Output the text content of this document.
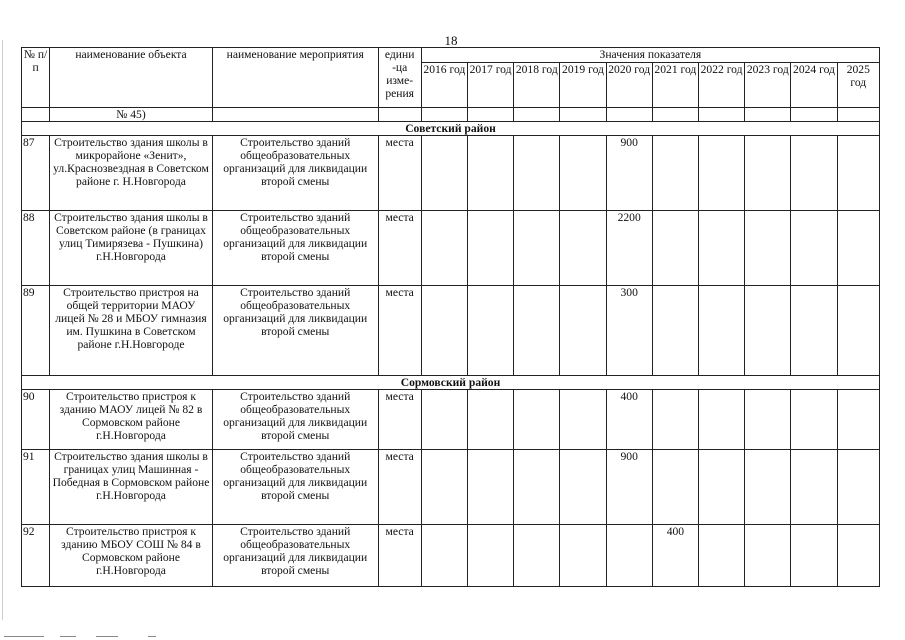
18
№ п/п	наименование объекта	наименование мероприятия	едини -ца изме- рения	Значения показателя									
				2016 год	2017 год	2018 год	2019 год	2020 год	2021 год	2022 год	2023 год	2024 год	2025 год
	№ 45)												
Советский район													
87	Строительство здания школы в микрорайоне «Зенит», ул.Краснозвездная в Советском районе г. Н.Новгорода	Строительство зданий общеобразовательных организаций для ликвидации второй смены	места					900					
88	Строительство здания школы в Советском районе (в границах улиц Тимирязева - Пушкина) г.Н.Новгорода	Строительство зданий общеобразовательных организаций для ликвидации второй смены	места					2200					
89	Строительство пристроя на общей территории МАОУ лицей № 28 и МБОУ гимназия им. Пушкина в Советском районе г.Н.Новгороде	Строительство зданий общеобразовательных организаций для ликвидации второй смены	места					300					
Сормовский район													
90	Строительство пристроя к зданию МАОУ лицей № 82 в Сормовском районе г.Н.Новгорода	Строительство зданий общеобразовательных организаций для ликвидации второй смены	места					400					
91	Строительство здания школы в границах улиц Машинная - Победная в Сормовском районе г.Н.Новгорода	Строительство зданий общеобразовательных организаций для ликвидации второй смены	места					900					
92	Строительство пристроя к зданию МБОУ СОШ № 84 в Сормовском районе г.Н.Новгорода	Строительство зданий общеобразовательных организаций для ликвидации второй смены	места						400				
